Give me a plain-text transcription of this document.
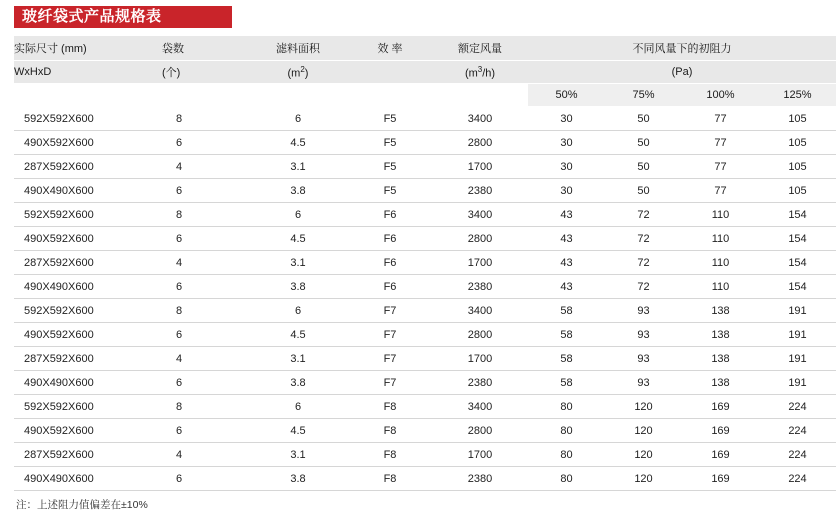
玻纤袋式产品规格表
实际尺寸 (mm)	袋数	滤料面积	效 率	额定风量	不同风量下的初阻力			
WxHxD	(个)	$(m^2)$		$(m^3/h)$	(Pa)			
					50%	75%	100%	125%
592X592X600	8	6	F5	3400	30	50	77	105
490X592X600	6	4.5	F5	2800	30	50	77	105
287X592X600	4	3.1	F5	1700	30	50	77	105
490X490X600	6	3.8	F5	2380	30	50	77	105
592X592X600	8	6	F6	3400	43	72	110	154
490X592X600	6	4.5	F6	2800	43	72	110	154
287X592X600	4	3.1	F6	1700	43	72	110	154
490X490X600	6	3.8	F6	2380	43	72	110	154
592X592X600	8	6	F7	3400	58	93	138	191
490X592X600	6	4.5	F7	2800	58	93	138	191
287X592X600	4	3.1	F7	1700	58	93	138	191
490X490X600	6	3.8	F7	2380	58	93	138	191
592X592X600	8	6	F8	3400	80	120	169	224
490X592X600	6	4.5	F8	2800	80	120	169	224
287X592X600	4	3.1	F8	1700	80	120	169	224
490X490X600	6	3.8	F8	2380	80	120	169	224
注：上述阻力值偏差在±10%
